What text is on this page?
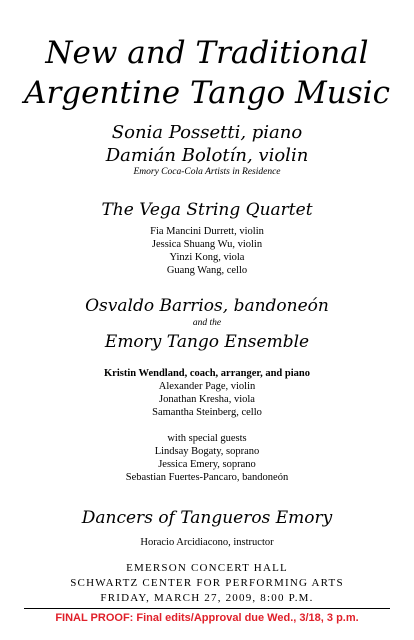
New and Traditional
Argentine Tango Music
Sonia Possetti, piano
Damián Bolotín, violin
Emory Coca-Cola Artists in Residence
The Vega String Quartet
Fia Mancini Durrett, violin
Jessica Shuang Wu, violin
Yinzi Kong, viola
Guang Wang, cello
Osvaldo Barrios, bandoneón
and the
Emory Tango Ensemble
Kristin Wendland, coach, arranger, and piano
Alexander Page, violin
Jonathan Kresha, viola
Samantha Steinberg, cello
with special guests
Lindsay Bogaty, soprano
Jessica Emery, soprano
Sebastian Fuertes-Pancaro, bandoneón
Dancers of Tangueros Emory
Horacio Arcidiacono, instructor
EMERSON CONCERT HALL
SCHWARTZ CENTER FOR PERFORMING ARTS
FRIDAY, MARCH 27, 2009, 8:00 P.M.
FINAL PROOF: Final edits/Approval due Wed., 3/18, 3 p.m.
